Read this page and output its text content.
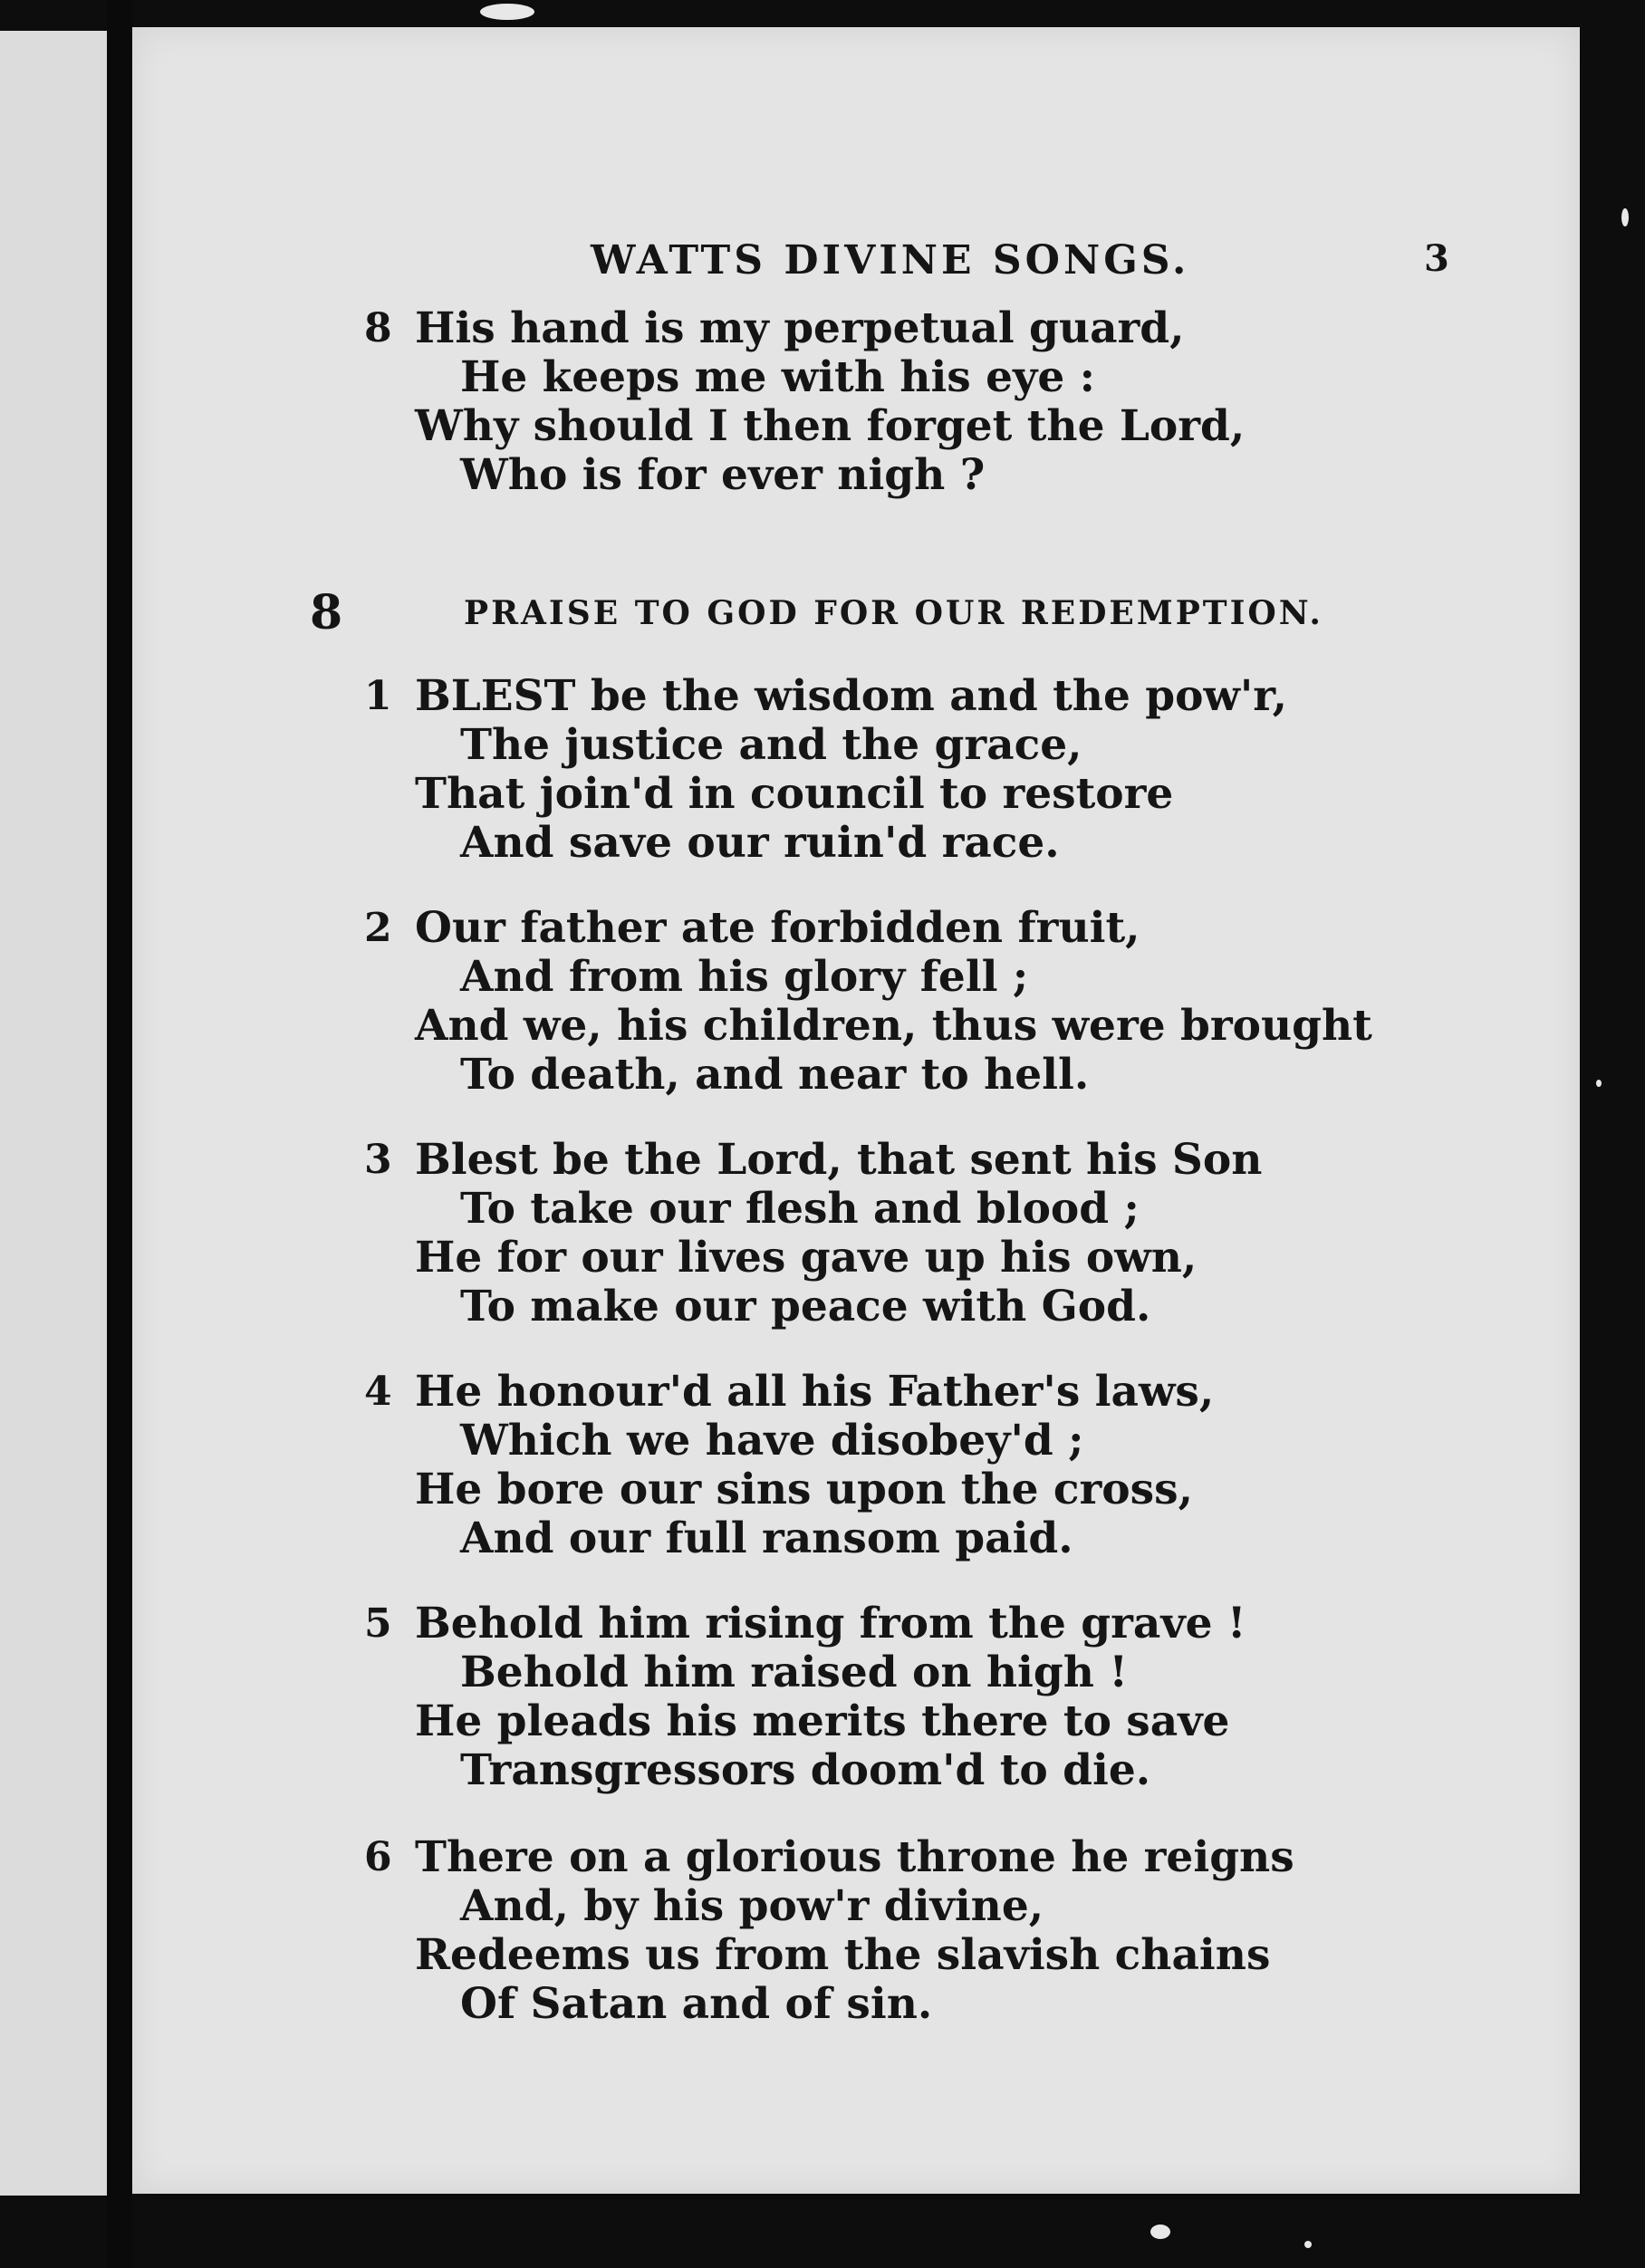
WATTS DIVINE SONGS.	3
8 His hand is my perpetual guard,
He keeps me with his eye :
Why should I then forget the Lord,
Who is for ever nigh ?
8	PRAISE TO GOD FOR OUR REDEMPTION.
1 BLEST be the wisdom and the pow'r,
The justice and the grace,
That join'd in council to restore
And save our ruin'd race.
2 Our father ate forbidden fruit,
And from his glory fell ;
And we, his children, thus were brought
To death, and near to hell.
3 Blest be the Lord, that sent his Son
To take our flesh and blood ;
He for our lives gave up his own,
To make our peace with God.
4 He honour'd all his Father's laws,
Which we have disobey'd ;
He bore our sins upon the cross,
And our full ransom paid.
5 Behold him rising from the grave !
Behold him raised on high !
He pleads his merits there to save
Transgressors doom'd to die.
6 There on a glorious throne he reigns
And, by his pow'r divine,
Redeems us from the slavish chains
Of Satan and of sin.
